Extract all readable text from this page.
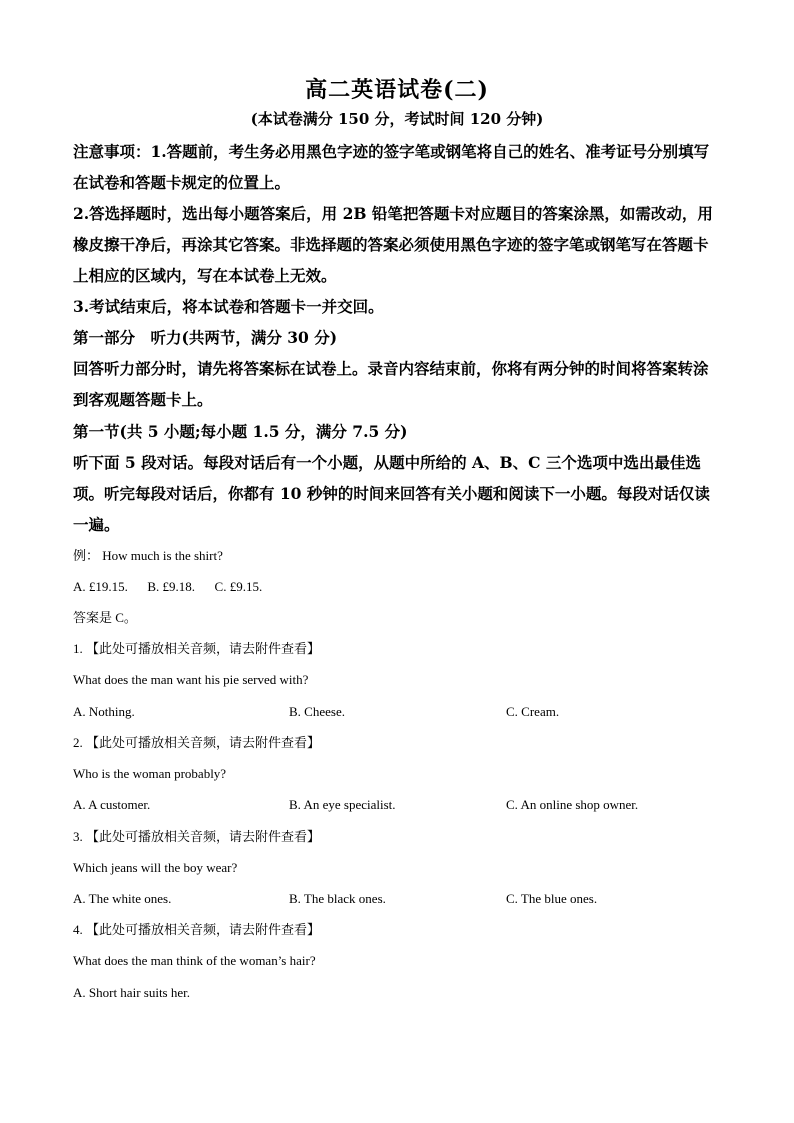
高二英语试卷(二)
(本试卷满分 150 分，考试时间 120 分钟)
注意事项：1.答题前，考生务必用黑色字迹的签字笔或钢笔将自己的姓名、准考证号分别填写在试卷和答题卡规定的位置上。
2.答选择题时，选出每小题答案后，用 2B 铅笔把答题卡对应题目的答案涂黑，如需改动，用橡皮擦干净后，再涂其它答案。非选择题的答案必须使用黑色字迹的签字笔或钢笔写在答题卡上相应的区域内，写在本试卷上无效。
3.考试结束后，将本试卷和答题卡一并交回。
第一部分　听力(共两节，满分 30 分)
回答听力部分时，请先将答案标在试卷上。录音内容结束前，你将有两分钟的时间将答案转涂到客观题答题卡上。
第一节(共 5 小题;每小题 1.5 分，满分 7.5 分)
听下面 5 段对话。每段对话后有一个小题，从题中所给的 A、B、C 三个选项中选出最佳选项。听完每段对话后，你都有 10 秒钟的时间来回答有关小题和阅读下一小题。每段对话仅读一遍。
例： How much is the shirt?
A. £19.15.      B. £9.18.      C. £9.15.
答案是 C。
1. 【此处可播放相关音频，请去附件查看】
What does the man want his pie served with?
A. Nothing.	B. Cheese.	C. Cream.
2. 【此处可播放相关音频，请去附件查看】
Who is the woman probably?
A. A customer.	B. An eye specialist.	C. An online shop owner.
3. 【此处可播放相关音频，请去附件查看】
Which jeans will the boy wear?
A. The white ones.	B. The black ones.	C. The blue ones.
4. 【此处可播放相关音频，请去附件查看】
What does the man think of the woman’s hair?
A. Short hair suits her.
